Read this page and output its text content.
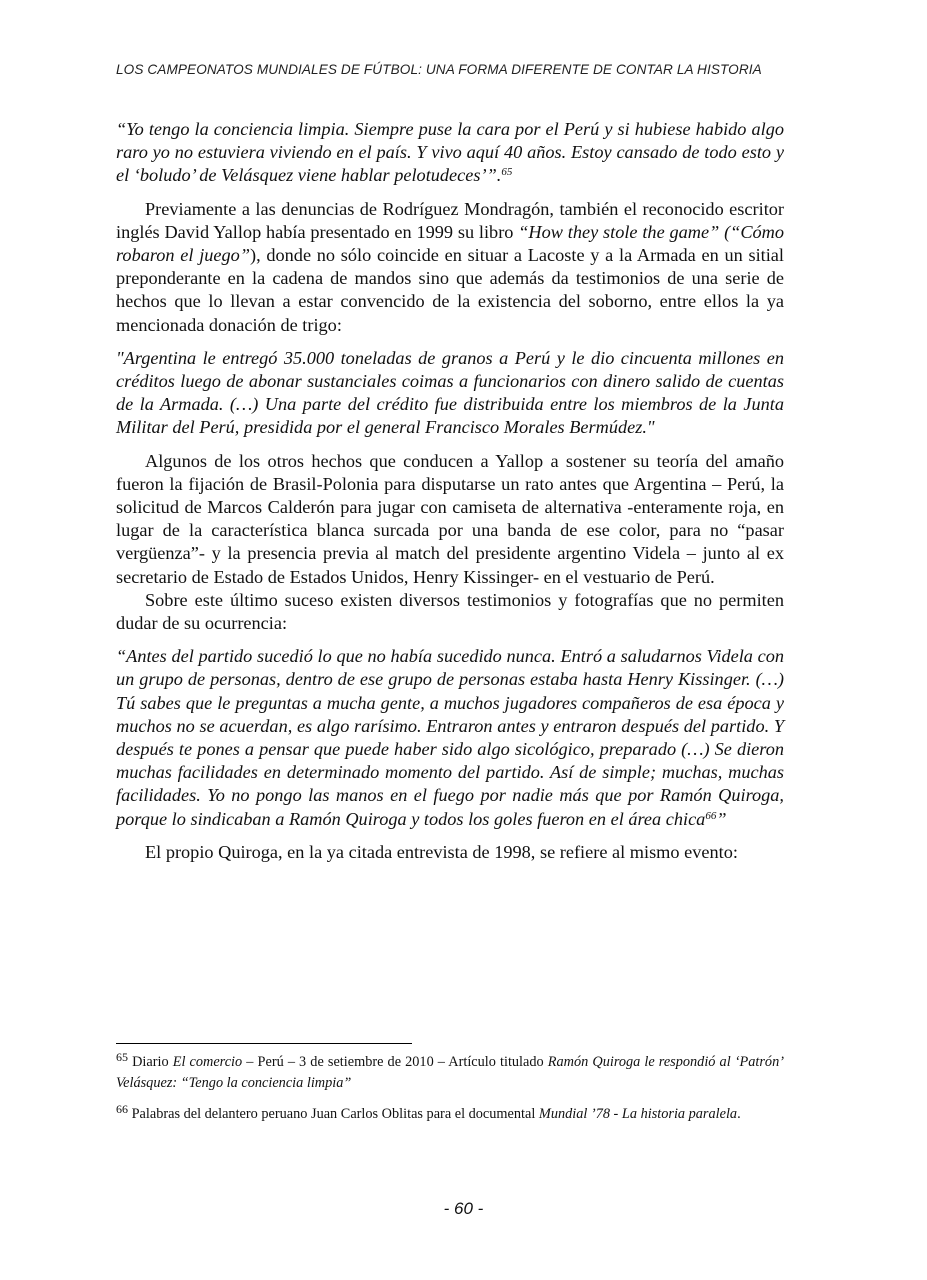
LOS CAMPEONATOS MUNDIALES DE FÚTBOL: UNA FORMA DIFERENTE DE CONTAR LA HISTORIA

“Yo tengo la conciencia limpia. Siempre puse la cara por el Perú y si hubiese habido algo raro yo no estuviera viviendo en el país. Y vivo aquí 40 años. Estoy cansado de todo esto y el ‘boludo’ de Velásquez viene hablar pelotudeces’”.$^{65}$

Previamente a las denuncias de Rodríguez Mondragón, también el reconocido escritor inglés David Yallop había presentado en 1999 su libro “How they stole the game” (“Cómo robaron el juego”), donde no sólo coincide en situar a Lacoste y a la Armada en un sitial preponderante en la cadena de mandos sino que además da testimonios de una serie de hechos que lo llevan a estar convencido de la existencia del soborno, entre ellos la ya mencionada donación de trigo:

"Argentina le entregó 35.000 toneladas de granos a Perú y le dio cincuenta millones en créditos luego de abonar sustanciales coimas a funcionarios con dinero salido de cuentas de la Armada. (…) Una parte del crédito fue distribuida entre los miembros de la Junta Militar del Perú, presidida por el general Francisco Morales Bermúdez."

Algunos de los otros hechos que conducen a Yallop a sostener su teoría del amaño fueron la fijación de Brasil-Polonia para disputarse un rato antes que Argentina – Perú, la solicitud de Marcos Calderón para jugar con camiseta de alternativa -enteramente roja, en lugar de la característica blanca surcada por una banda de ese color, para no “pasar vergüenza”- y la presencia previa al match del presidente argentino Videla – junto al ex secretario de Estado de Estados Unidos, Henry Kissinger- en el vestuario de Perú.

Sobre este último suceso existen diversos testimonios y fotografías que no permiten dudar de su ocurrencia:

“Antes del partido sucedió lo que no había sucedido nunca. Entró a saludarnos Videla con un grupo de personas, dentro de ese grupo de personas estaba hasta Henry Kissinger. (…) Tú sabes que le preguntas a mucha gente, a muchos jugadores compañeros de esa época y muchos no se acuerdan, es algo rarísimo. Entraron antes y entraron después del partido. Y después te pones a pensar que puede haber sido algo sicológico, preparado (…) Se dieron muchas facilidades en determinado momento del partido. Así de simple; muchas, muchas facilidades. Yo no pongo las manos en el fuego por nadie más que por Ramón Quiroga, porque lo sindicaban a Ramón Quiroga y todos los goles fueron en el área chica$^{66}$”

El propio Quiroga, en la ya citada entrevista de 1998, se refiere al mismo evento:

$^{65}$ Diario El comercio – Perú – 3 de setiembre de 2010 – Artículo titulado Ramón Quiroga le respondió al ‘Patrón’ Velásquez: “Tengo la conciencia limpia”

$^{66}$ Palabras del delantero peruano Juan Carlos Oblitas para el documental Mundial ’78 - La historia paralela.

- 60 -
